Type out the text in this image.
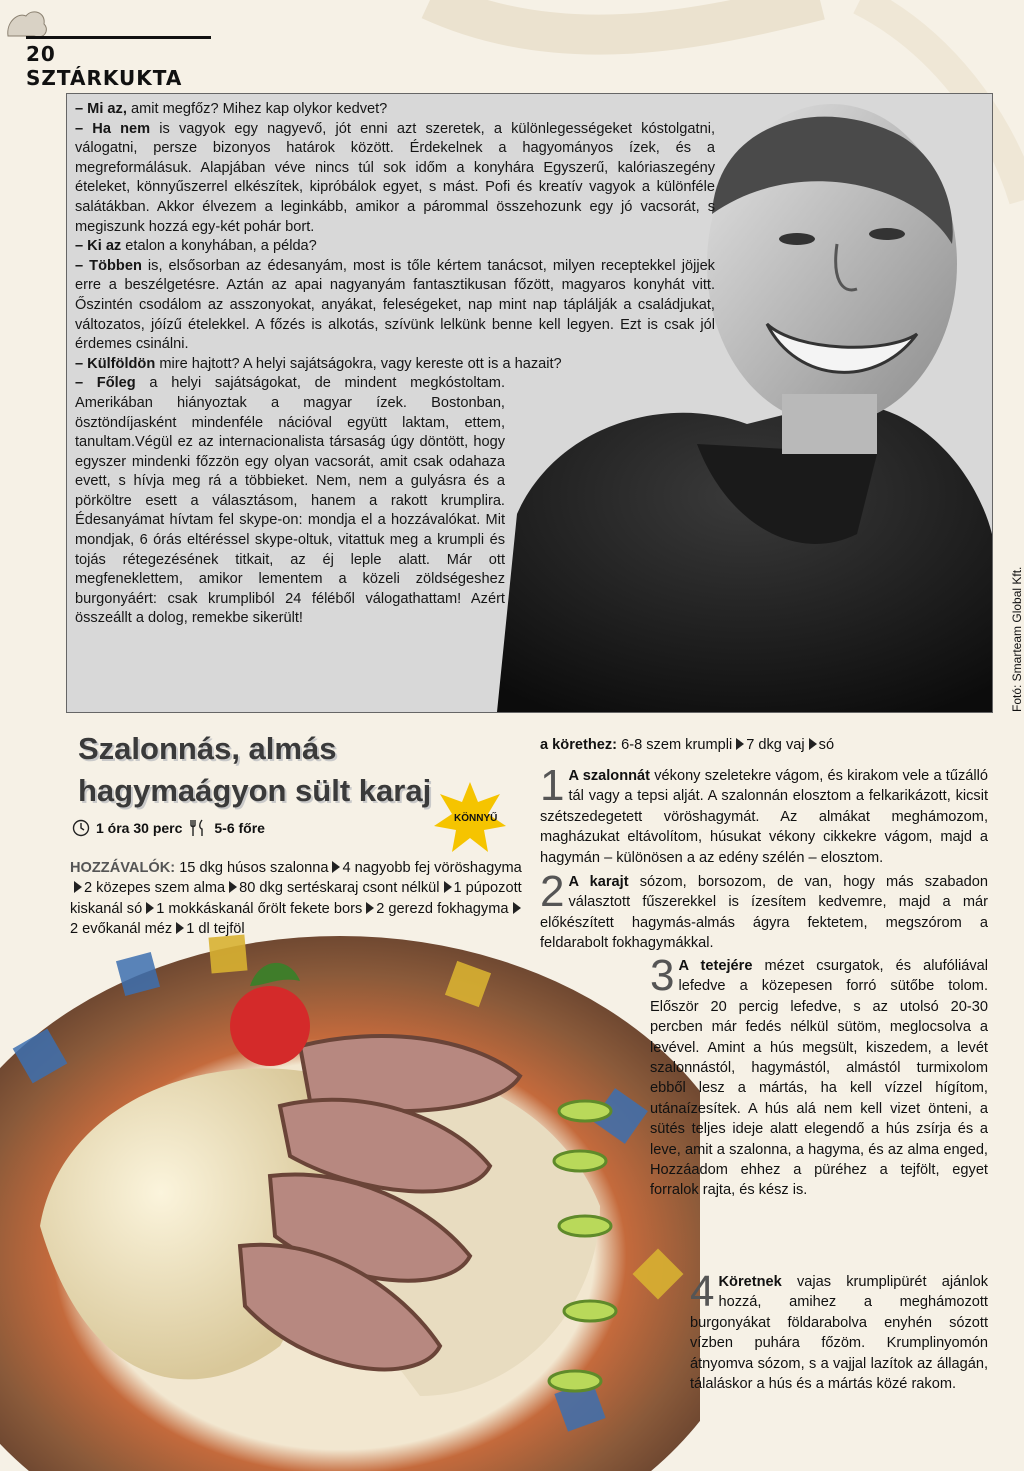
20 SZTÁRKUKTA

– Mi az, amit megfőz? Mihez kap olykor kedvet?

– Ha nem is vagyok egy nagyevő, jót enni azt szeretek, a különlegességeket kóstolgatni, válogatni, persze bizonyos határok között. Érdekelnek a hagyományos ízek, és a megreformálásuk. Alapjában véve nincs túl sok időm a konyhára Egyszerű, kalóriaszegény ételeket, könnyűszerrel elkészítek, kipróbálok egyet, s mást. Pofi és kreatív vagyok a különféle salátákban. Akkor élvezem a leginkább, amikor a párommal összehozunk egy jó vacsorát, s megiszunk hozzá egy-két pohár bort.

– Ki az etalon a konyhában, a példa?

– Többen is, elsősorban az édesanyám, most is tőle kértem tanácsot, milyen receptekkel jöjjek erre a beszélgetésre. Aztán az apai nagyanyám fantasztikusan főzött, magyaros konyhát vitt. Őszintén csodálom az asszonyokat, anyákat, feleségeket, nap mint nap táplálják a családjukat, változatos, jóízű ételekkel. A főzés is alkotás, szívünk lelkünk benne kell legyen. Ezt is csak jól érdemes csinálni.

– Külföldön mire hajtott? A helyi sajátságokra, vagy kereste ott is a hazait?

– Főleg a helyi sajátságokat, de mindent megkóstoltam. Amerikában hiányoztak a magyar ízek. Bostonban, ösztöndíjasként mindenféle nációval együtt laktam, ettem, tanultam.Végül ez az internacionalista társaság úgy döntött, hogy egyszer mindenki főzzön egy olyan vacsorát, amit csak odahaza evett, s hívja meg rá a többieket. Nem, nem a gulyásra és a pörköltre esett a választásom, hanem a rakott krumplira. Édesanyámat hívtam fel skype-on: mondja el a hozzávalókat. Mit mondjak, 6 órás eltéréssel skype-oltuk, vitattuk meg a krumpli és tojás rétegezésének titkait, az éj leple alatt. Már ott megfeneklettem, amikor lementem a közeli zöldségeshez burgonyáért: csak krumpliból 24 féléből válogathattam! Azért összeállt a dolog, remekbe sikerült!	Fotó: Smarteam Global Kft.
Szalonnás, almás hagymaágyon sült karaj
1 óra 30 perc 5-6 főre
KÖNNYŰ
HOZZÁVALÓK: 15 dkg húsos szalonna 4 nagyobb fej vöröshagyma2 közepes szem alma 80 dkg sertéskaraj csont nélkül 1 púpozott kiskanál só 1 mokkáskanál őrölt fekete bors 2 gerezd fokhagyma2 evőkanál méz 1 dl tejföl
a körethez: 6-8 szem krumpli 7 dkg vaj só
1 A szalonnát vékony szeletekre vágom, és kirakom vele a tűzálló tál vagy a tepsi alját. A szalonnán elosztom a felkarikázott, kicsit szétszedegetett vöröshagymát. Az almákat meghámozom, magházukat eltávolítom, húsukat vékony cikkekre vágom, majd a hagymán – különösen a az edény szélén – elosztom.
2 A karajt sózom, borsozom, de van, hogy más szabadon választott fűszerekkel is ízesítem kedvemre, majd a már előkészített hagymás-almás ágyra fektetem, megszórom a feldarabolt fokhagymákkal.
3 A tetejére mézet csurgatok, és alufóliával lefedve a közepesen forró sütőbe tolom. Először 20 percig lefedve, s az utolsó 20-30 percben már fedés nélkül sütöm, meglocsolva a levével. Amint a hús megsült, kiszedem, a levét szalonnástól, hagymástól, almástól turmixolom ebből lesz a mártás, ha kell vízzel hígítom, utánaízesítek. A hús alá nem kell vizet önteni, a sütés teljes ideje alatt elegendő a hús zsírja és a leve, amit a szalonna, a hagyma, és az alma enged, Hozzáadom ehhez a püréhez a tejfölt, egyet forralok rajta, és kész is.
4 Köretnek vajas krumplipürét ajánlok hozzá, amihez a meghámozott burgonyákat földarabolva enyhén sózott vízben puhára főzöm. Krumplinyomón átnyomva sózom, s a vajjal lazítok az állagán, tálaláskor a hús és a mártás közé rakom.
